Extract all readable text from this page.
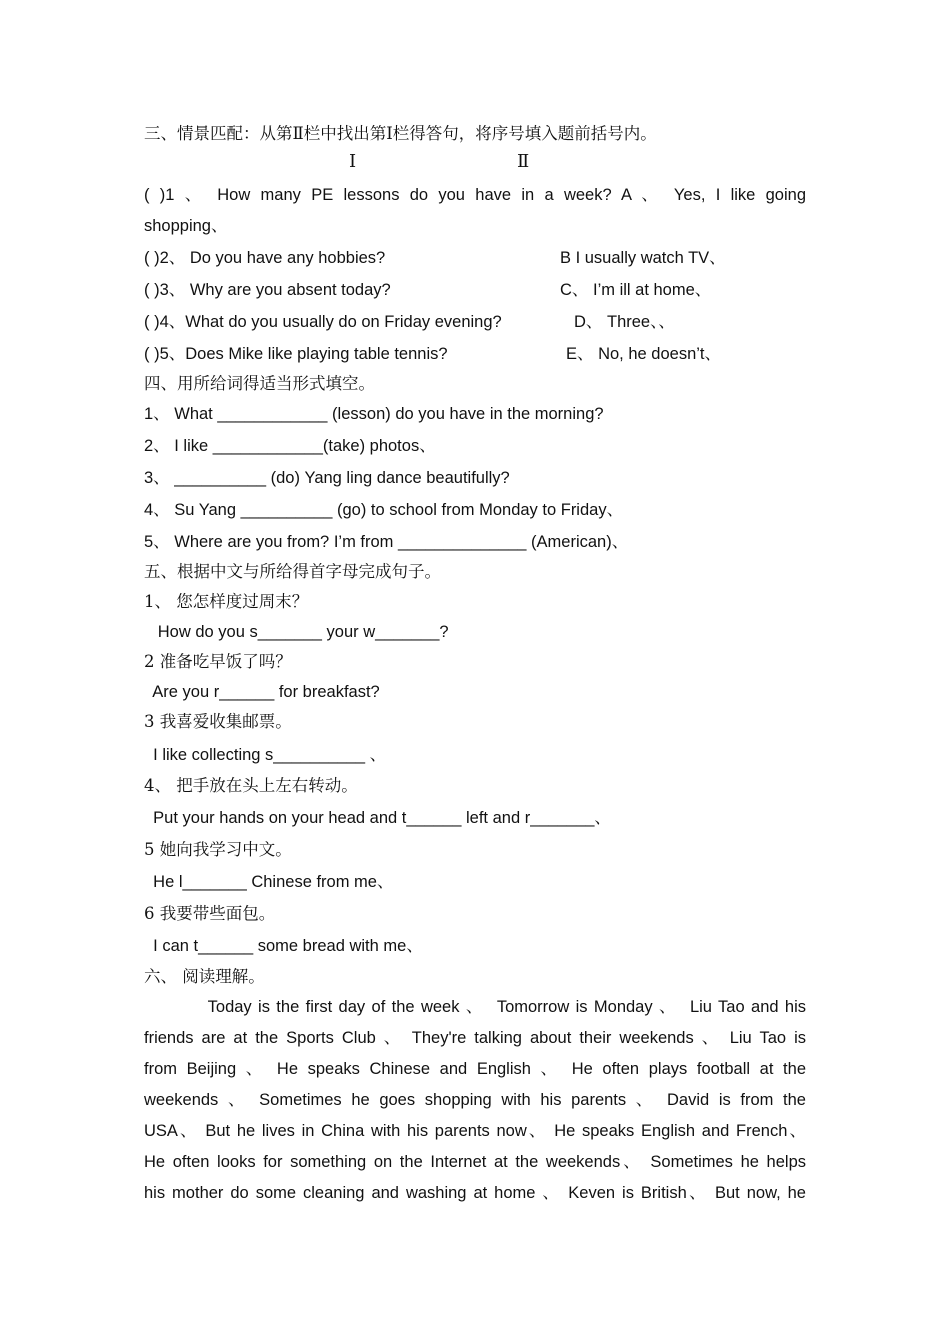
三、情景匹配：从第Ⅱ栏中找出第Ⅰ栏得答句，将序号填入题前括号内。
Ⅰ	Ⅱ
( )1 、 How many PE lessons do you have in a week? A 、 Yes, I like going
shopping、
( )2、 Do you have any hobbies?	B I usually watch TV、
( )3、 Why are you absent today?	C、 I’m ill at home、
( )4、What do you usually do on Friday evening?	D、 Three、、
( )5、Does Mike like playing table tennis?	E、 No, he doesn’t、
四、用所给词得适当形式填空。
1、 What ____________ (lesson) do you have in the morning?
2、 I like ____________(take) photos、
3、 __________ (do) Yang ling dance beautifully?
4、 Su Yang __________ (go) to school from Monday to Friday、
5、 Where are you from? I’m from ______________ (American)、
五、根据中文与所给得首字母完成句子。
1、 您怎样度过周末？
How do you s_______ your w_______?
2 准备吃早饭了吗？
Are you r______ for breakfast?
3 我喜爱收集邮票。
I like collecting s__________ 、
4、 把手放在头上左右转动。
Put your hands on your head and t______ left and r_______、
5 她向我学习中文。
He l_______ Chinese from me、
6 我要带些面包。
I can t______ some bread with me、
六、 阅读理解。
Today is the first day of the week 、  Tomorrow is Monday 、  Liu Tao and his
friends are at the Sports Club 、 They're talking about their weekends 、 Liu Tao is
from Beijing 、 He speaks Chinese and English 、 He often plays football at the
weekends 、 Sometimes he goes shopping with his parents 、 David is from the
USA、 But he lives in China with his parents now、 He speaks English and French、
He often looks for something on the Internet at the weekends、 Sometimes he helps
his mother do some cleaning and washing at home 、 Keven is British、 But now, he
